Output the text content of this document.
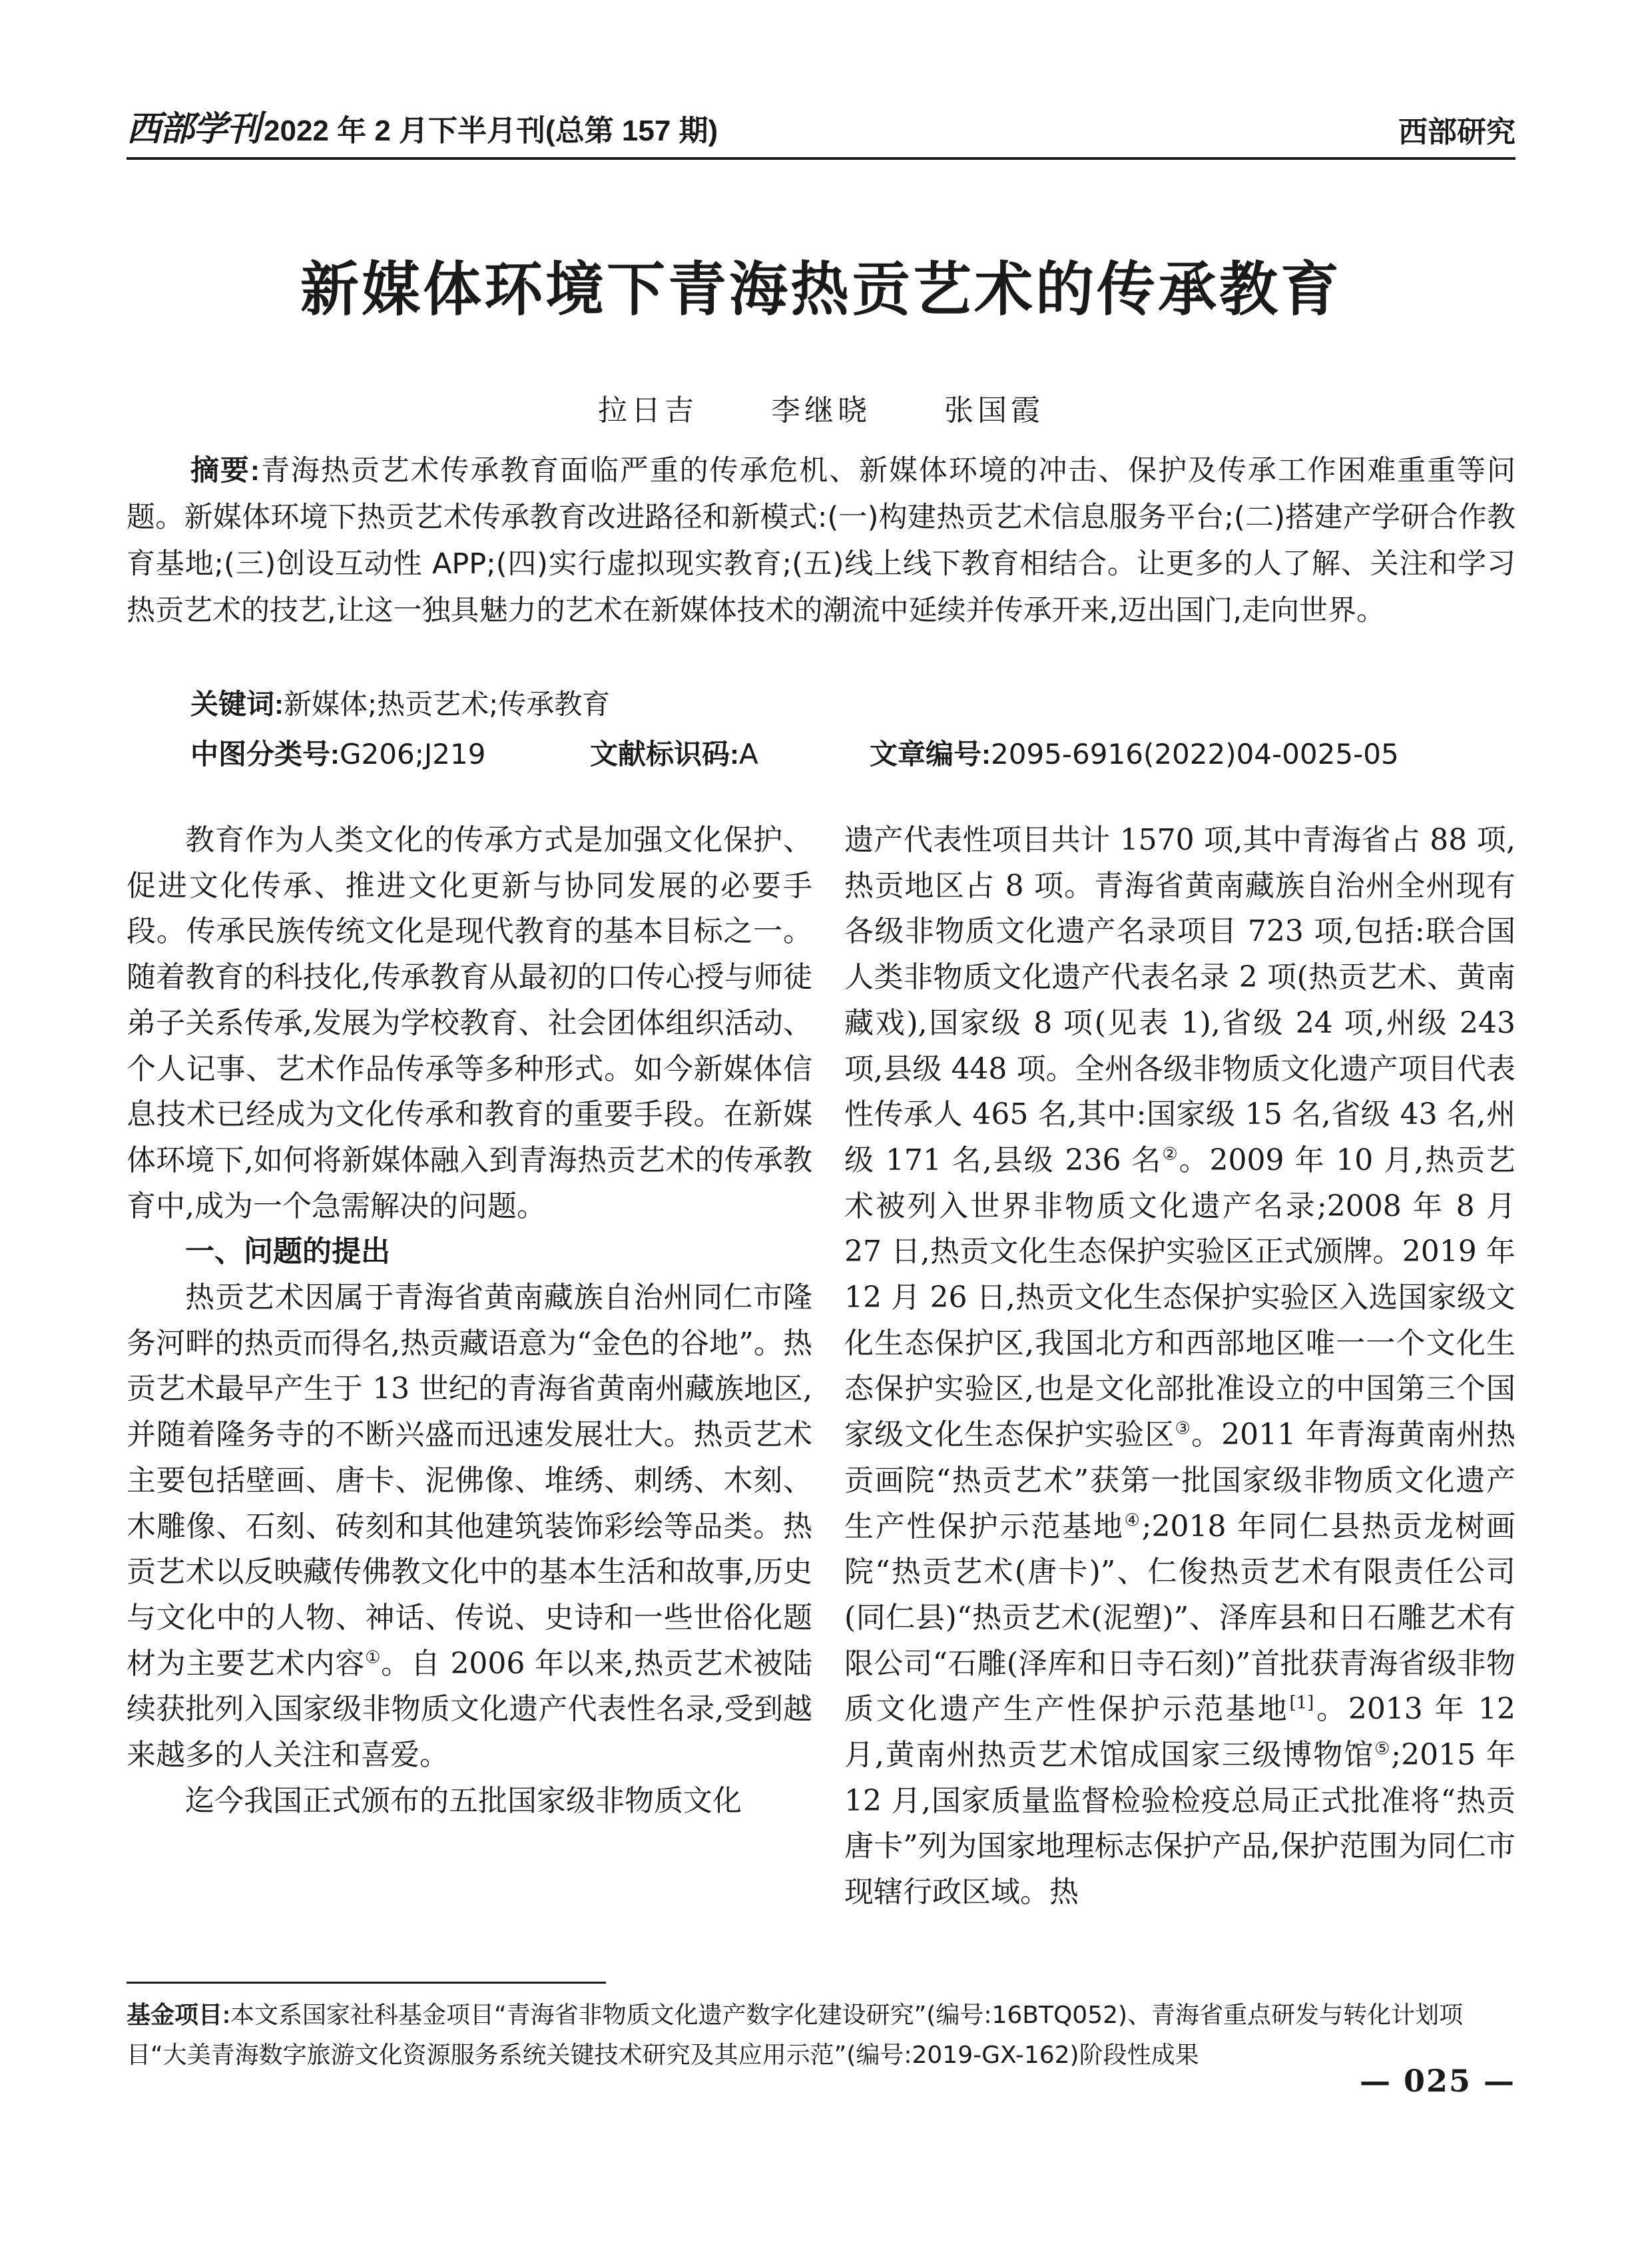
西部学刊 2022 年 2 月下半月刊(总第 157 期)	西部研究
新媒体环境下青海热贡艺术的传承教育
拉日吉	李继晓	张国霞
摘要:青海热贡艺术传承教育面临严重的传承危机、新媒体环境的冲击、保护及传承工作困难重重等问题。新媒体环境下热贡艺术传承教育改进路径和新模式:(一)构建热贡艺术信息服务平台;(二)搭建产学研合作教育基地;(三)创设互动性 APP;(四)实行虚拟现实教育;(五)线上线下教育相结合。让更多的人了解、关注和学习热贡艺术的技艺,让这一独具魅力的艺术在新媒体技术的潮流中延续并传承开来,迈出国门,走向世界。
关键词:新媒体;热贡艺术;传承教育
中图分类号:G206;J219	文献标识码:A	文章编号:2095-6916(2022)04-0025-05

教育作为人类文化的传承方式是加强文化保护、促进文化传承、推进文化更新与协同发展的必要手段。传承民族传统文化是现代教育的基本目标之一。随着教育的科技化,传承教育从最初的口传心授与师徒弟子关系传承,发展为学校教育、社会团体组织活动、个人记事、艺术作品传承等多种形式。如今新媒体信息技术已经成为文化传承和教育的重要手段。在新媒体环境下,如何将新媒体融入到青海热贡艺术的传承教育中,成为一个急需解决的问题。

一、问题的提出

热贡艺术因属于青海省黄南藏族自治州同仁市隆务河畔的热贡而得名,热贡藏语意为“金色的谷地”。热贡艺术最早产生于 13 世纪的青海省黄南州藏族地区,并随着隆务寺的不断兴盛而迅速发展壮大。热贡艺术主要包括壁画、唐卡、泥佛像、堆绣、刺绣、木刻、木雕像、石刻、砖刻和其他建筑装饰彩绘等品类。热贡艺术以反映藏传佛教文化中的基本生活和故事,历史与文化中的人物、神话、传说、史诗和一些世俗化题材为主要艺术内容①。自 2006 年以来,热贡艺术被陆续获批列入国家级非物质文化遗产代表性名录,受到越来越多的人关注和喜爱。

迄今我国正式颁布的五批国家级非物质文化

遗产代表性项目共计 1570 项,其中青海省占 88 项,热贡地区占 8 项。青海省黄南藏族自治州全州现有各级非物质文化遗产名录项目 723 项,包括:联合国人类非物质文化遗产代表名录 2 项(热贡艺术、黄南藏戏),国家级 8 项(见表 1),省级 24 项,州级 243 项,县级 448 项。全州各级非物质文化遗产项目代表性传承人 465 名,其中:国家级 15 名,省级 43 名,州级 171 名,县级 236 名②。2009 年 10 月,热贡艺术被列入世界非物质文化遗产名录;2008 年 8 月 27 日,热贡文化生态保护实验区正式颁牌。2019 年 12 月 26 日,热贡文化生态保护实验区入选国家级文化生态保护区,我国北方和西部地区唯一一个文化生态保护实验区,也是文化部批准设立的中国第三个国家级文化生态保护实验区③。2011 年青海黄南州热贡画院“热贡艺术”获第一批国家级非物质文化遗产生产性保护示范基地④;2018 年同仁县热贡龙树画院“热贡艺术(唐卡)”、仁俊热贡艺术有限责任公司(同仁县)“热贡艺术(泥塑)”、泽库县和日石雕艺术有限公司“石雕(泽库和日寺石刻)”首批获青海省级非物质文化遗产生产性保护示范基地[1]。2013 年 12 月,黄南州热贡艺术馆成国家三级博物馆⑤;2015 年 12 月,国家质量监督检验检疫总局正式批准将“热贡唐卡”列为国家地理标志保护产品,保护范围为同仁市现辖行政区域。热

基金项目:本文系国家社科基金项目“青海省非物质文化遗产数字化建设研究”(编号:16BTQ052)、青海省重点研发与转化计划项目“大美青海数字旅游文化资源服务系统关键技术研究及其应用示范”(编号:2019-GX-162)阶段性成果
— 025 —
